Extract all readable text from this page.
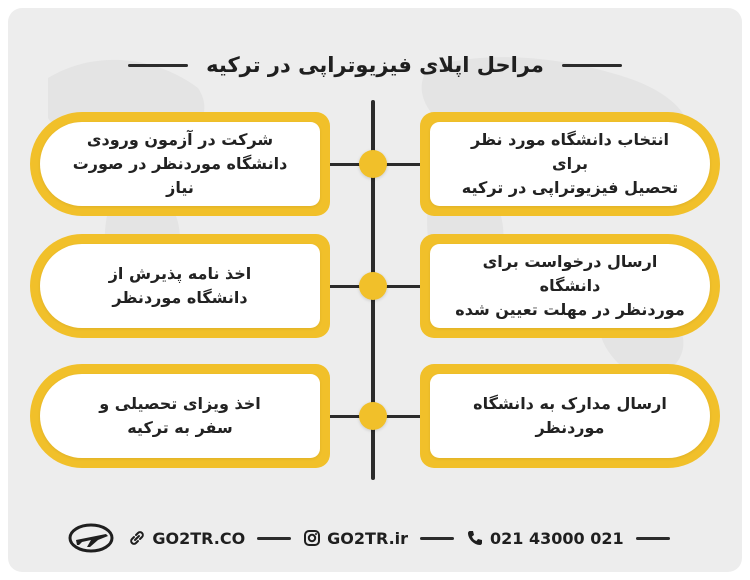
مراحل اپلای فیزیوتراپی در ترکیه
انتخاب دانشگاه مورد نظر برای
تحصیل فیزیوتراپی در ترکیه
ارسال درخواست برای دانشگاه
موردنظر در مهلت تعیین شده
ارسال مدارک به دانشگاه
موردنظر
شرکت در آزمون ورودی
دانشگاه موردنظر در صورت نیاز
اخذ نامه پذیرش از
دانشگاه موردنظر
اخذ ویزای تحصیلی و
سفر به ترکیه
GO2TR.CO	GO2TR.ir	021 43000 021
